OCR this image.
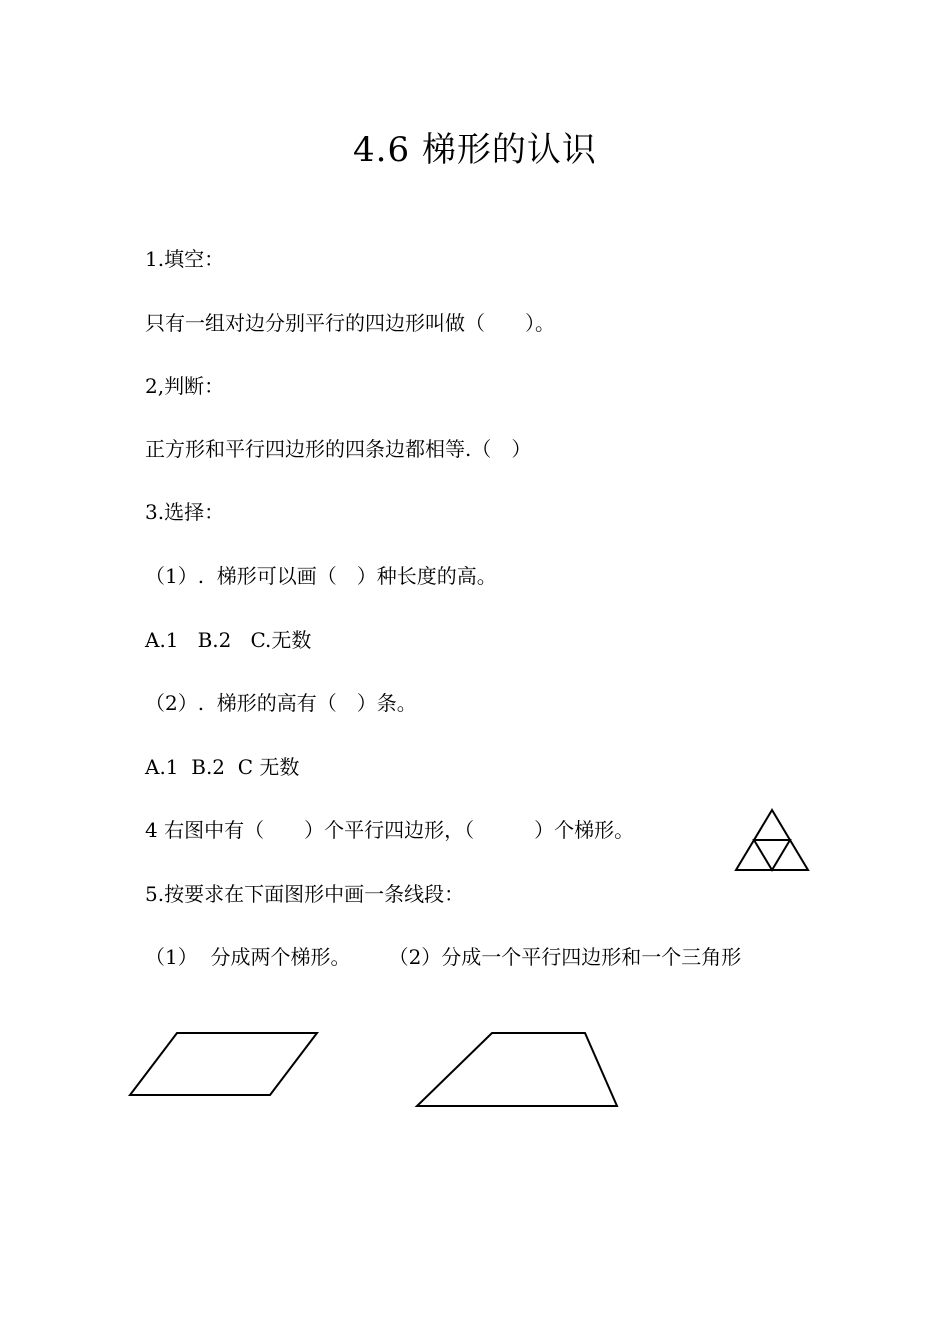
4.6 梯形的认识
1.填空：
只有一组对边分别平行的四边形叫做（　　）。
2,判断：
正方形和平行四边形的四条边都相等.（　）
3.选择：
（1）.  梯形可以画（　）种长度的高。
A.1   B.2   C.无数
（2）.  梯形的高有（　）条。
A.1  B.2  C 无数
4 右图中有（　　）个平行四边形，（　　　）个梯形。
5.按要求在下面图形中画一条线段：
（1）  分成两个梯形。      （2）分成一个平行四边形和一个三角形
